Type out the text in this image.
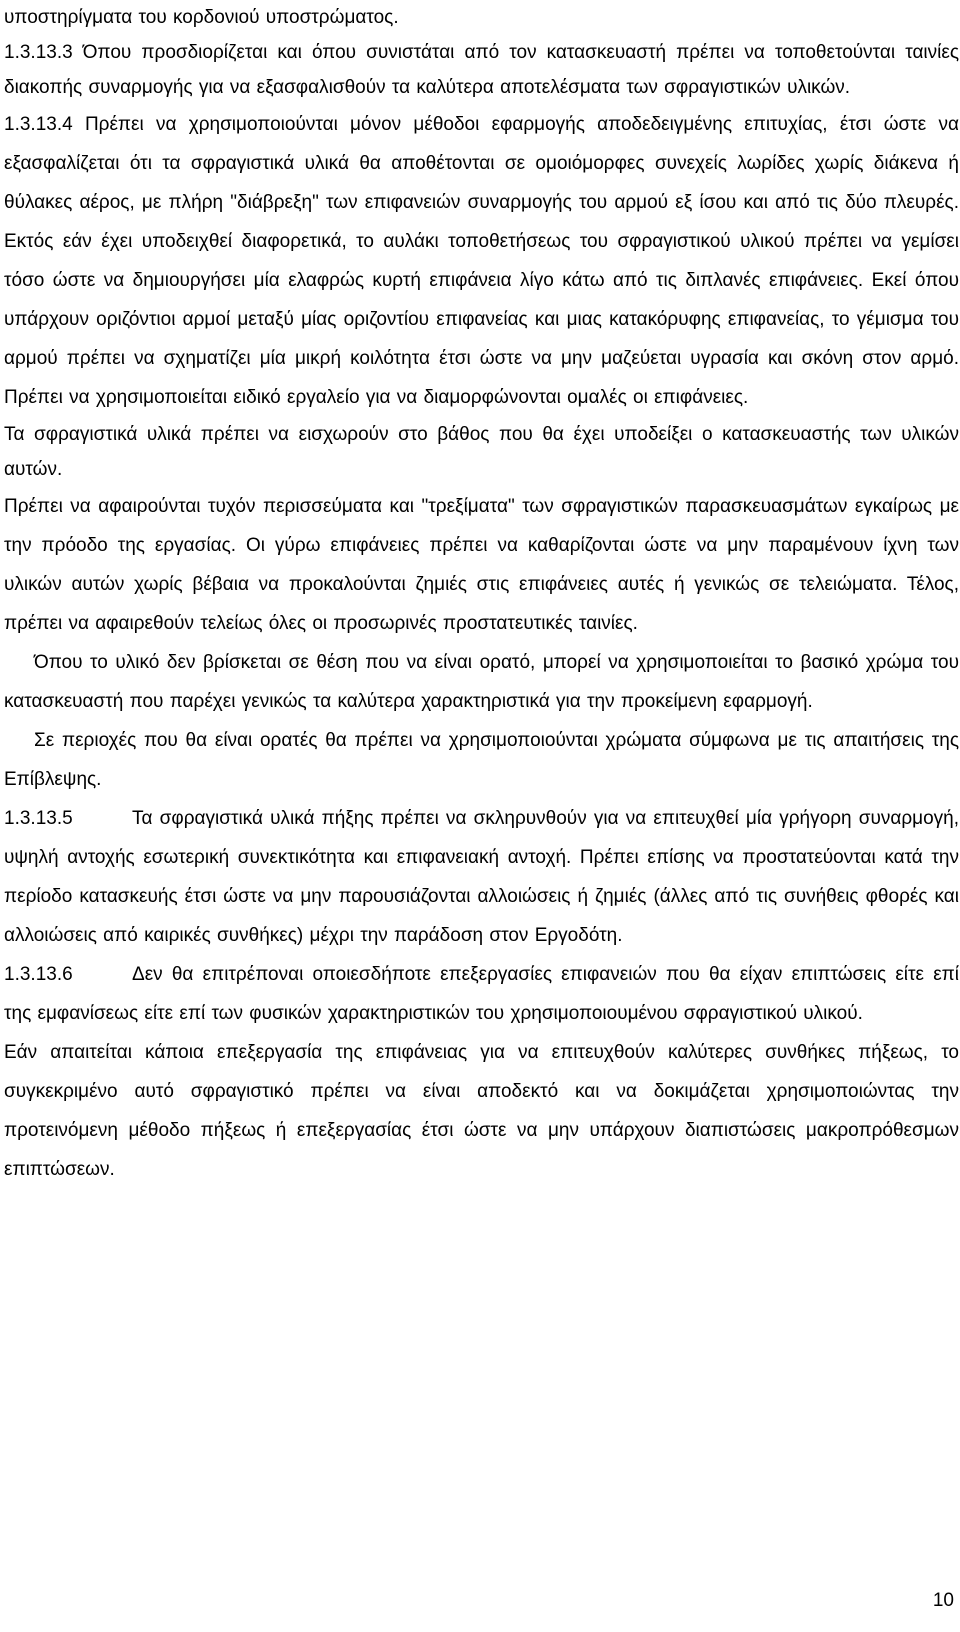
υποστηρίγματα του κορδονιού υποστρώματος.

1.3.13.3 Όπου προσδιορίζεται και όπου συνιστάται από τον κατασκευαστή πρέπει να τοποθετούνται ταινίες διακοπής συναρμογής για να εξασφαλισθούν τα καλύτερα αποτελέσματα των σφραγιστικών υλικών.

1.3.13.4 Πρέπει να χρησιμοποιούνται μόνον μέθοδοι εφαρμογής αποδεδειγμένης επιτυχίας, έτσι ώστε να εξασφαλίζεται ότι τα σφραγιστικά υλικά θα αποθέτονται σε ομοιόμορφες συνεχείς λωρίδες χωρίς διάκενα ή θύλακες αέρος, με πλήρη "διάβρεξη" των επιφανειών συναρμογής του αρμού εξ ίσου και από τις δύο πλευρές. Εκτός εάν έχει υποδειχθεί διαφορετικά, το αυλάκι τοποθετήσεως του σφραγιστικού υλικού πρέπει να γεμίσει τόσο ώστε να δημιουργήσει μία ελαφρώς κυρτή επιφάνεια λίγο κάτω από τις διπλανές επιφάνειες. Εκεί όπου υπάρχουν οριζόντιοι αρμοί μεταξύ μίας οριζοντίου επιφανείας και μιας κατακόρυφης επιφανείας, το γέμισμα του αρμού πρέπει να σχηματίζει μία μικρή κοιλότητα έτσι ώστε να μην μαζεύεται υγρασία και σκόνη στον αρμό. Πρέπει να χρησιμοποιείται ειδικό εργαλείο για να διαμορφώνονται ομαλές οι επιφάνειες.

Τα σφραγιστικά υλικά πρέπει να εισχωρούν στο βάθος που θα έχει υποδείξει ο κατασκευαστής των υλικών αυτών.

Πρέπει να αφαιρούνται τυχόν περισσεύματα και "τρεξίματα" των σφραγιστικών παρασκευασμάτων εγκαίρως με την πρόοδο της εργασίας. Οι γύρω επιφάνειες πρέπει να καθαρίζονται ώστε να μην παραμένουν ίχνη των υλικών αυτών χωρίς βέβαια να προκαλούνται ζημιές στις επιφάνειες αυτές ή γενικώς σε τελειώματα. Τέλος, πρέπει να αφαιρεθούν τελείως όλες οι προσωρινές προστατευτικές ταινίες.

Όπου το υλικό δεν βρίσκεται σε θέση που να είναι ορατό, μπορεί να χρησιμοποιείται το βασικό χρώμα του κατασκευαστή που παρέχει γενικώς τα καλύτερα χαρακτηριστικά για την προκείμενη εφαρμογή.

Σε περιοχές που θα είναι ορατές θα πρέπει να χρησιμοποιούνται χρώματα σύμφωνα με τις απαιτήσεις της Επίβλεψης.

1.3.13.5	Τα σφραγιστικά υλικά πήξης πρέπει να σκληρυνθούν για να επιτευχθεί μία γρήγορη συναρμογή, υψηλή αντοχής εσωτερική συνεκτικότητα και επιφανειακή αντοχή. Πρέπει επίσης να προστατεύονται κατά την περίοδο κατασκευής έτσι ώστε να μην παρουσιάζονται αλλοιώσεις ή ζημιές (άλλες από τις συνήθεις φθορές και αλλοιώσεις από καιρικές συνθήκες) μέχρι την παράδοση στον Εργοδότη.

1.3.13.6	Δεν θα επιτρέποναι οποιεσδήποτε επεξεργασίες επιφανειών που θα είχαν επιπτώσεις είτε επί της εμφανίσεως είτε επί των φυσικών χαρακτηριστικών του χρησιμοποιουμένου σφραγιστικού υλικού.

Εάν απαιτείται κάποια επεξεργασία της επιφάνειας για να επιτευχθούν καλύτερες συνθήκες πήξεως, το συγκεκριμένο αυτό σφραγιστικό πρέπει να είναι αποδεκτό και να δοκιμάζεται χρησιμοποιώντας την προτεινόμενη μέθοδο πήξεως ή επεξεργασίας έτσι ώστε να μην υπάρχουν διαπιστώσεις μακροπρόθεσμων επιπτώσεων.

10
